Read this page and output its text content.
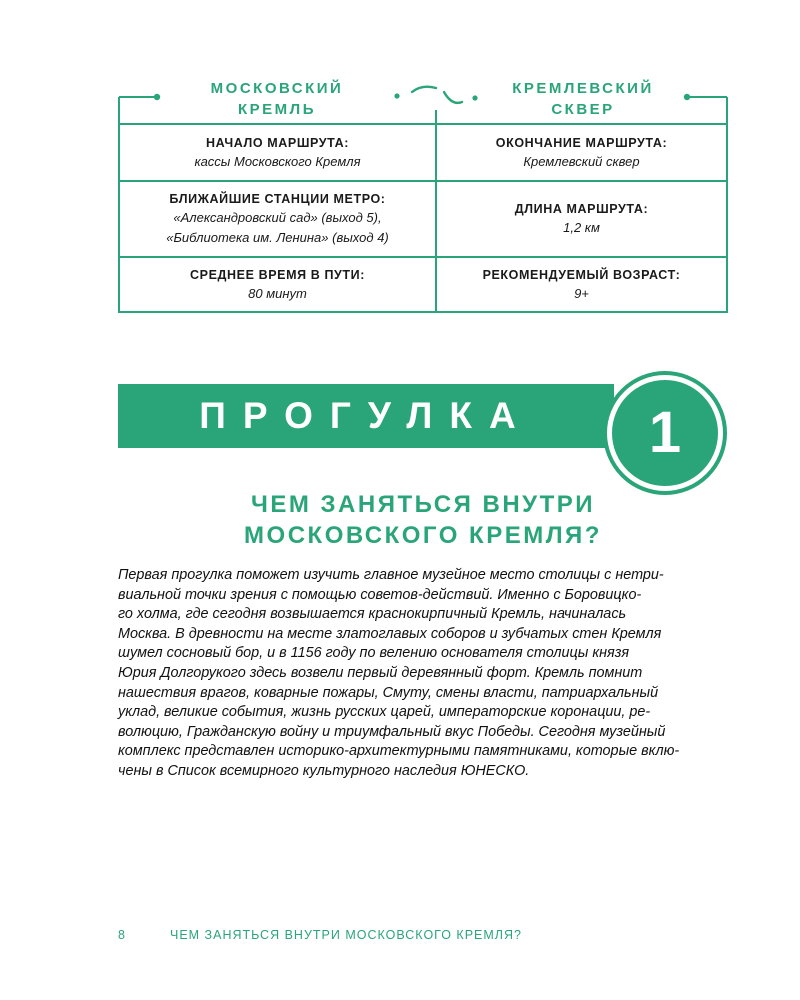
МОСКОВСКИЙ
КРЕМЛЬ
КРЕМЛЕВСКИЙ
СКВЕР
НАЧАЛО МАРШРУТА:
кассы Московского Кремля
ОКОНЧАНИЕ МАРШРУТА:
Кремлевский сквер
БЛИЖАЙШИЕ СТАНЦИИ МЕТРО:
«Александровский сад» (выход 5),
«Библиотека им. Ленина» (выход 4)
ДЛИНА МАРШРУТА:
1,2 км
СРЕДНЕЕ ВРЕМЯ В ПУТИ:
80 минут
РЕКОМЕНДУЕМЫЙ ВОЗРАСТ:
9+
ПРОГУЛКА	1
ЧЕМ ЗАНЯТЬСЯ ВНУТРИ
МОСКОВСКОГО КРЕМЛЯ?

Первая прогулка поможет изучить главное музейное место столицы с нетри-
виальной точки зрения с помощью советов-действий. Именно с Боровицко-
го холма, где сегодня возвышается краснокирпичный Кремль, начиналась
Москва. В древности на месте златоглавых соборов и зубчатых стен Кремля
шумел сосновый бор, и в 1156 году по велению основателя столицы князя
Юрия Долгорукого здесь возвели первый деревянный форт. Кремль помнит
нашествия врагов, коварные пожары, Смуту, смены власти, патриархальный
уклад, великие события, жизнь русских царей, императорские коронации, ре-
волюцию, Гражданскую войну и триумфальный вкус Победы. Сегодня музейный
комплекс представлен историко-архитектурными памятниками, которые вклю-
чены в Список всемирного культурного наследия ЮНЕСКО.

8	ЧЕМ ЗАНЯТЬСЯ ВНУТРИ МОСКОВСКОГО КРЕМЛЯ?
